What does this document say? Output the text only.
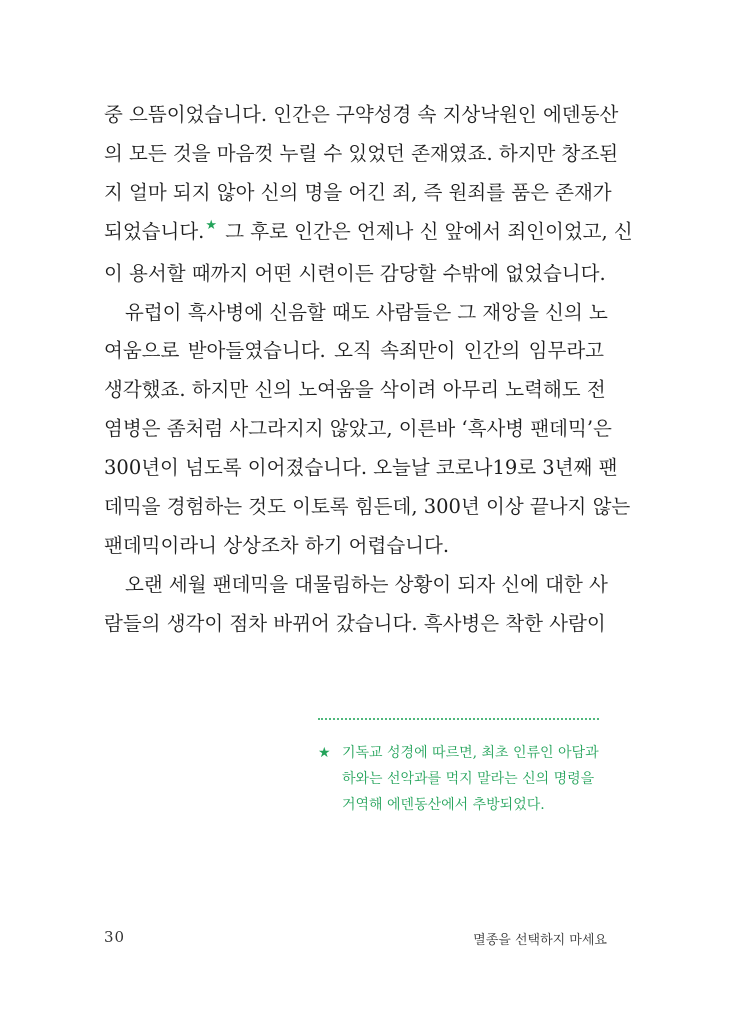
중 으뜸이었습니다. 인간은 구약성경 속 지상낙원인 에덴동산
의 모든 것을 마음껏 누릴 수 있었던 존재였죠. 하지만 창조된
지 얼마 되지 않아 신의 명을 어긴 죄, 즉 원죄를 품은 존재가
되었습니다.★ 그 후로 인간은 언제나 신 앞에서 죄인이었고, 신
이 용서할 때까지 어떤 시련이든 감당할 수밖에 없었습니다.
유럽이 흑사병에 신음할 때도 사람들은 그 재앙을 신의 노
여움으로 받아들였습니다. 오직 속죄만이 인간의 임무라고
생각했죠. 하지만 신의 노여움을 삭이려 아무리 노력해도 전
염병은 좀처럼 사그라지지 않았고, 이른바 ‘흑사병 팬데믹’은
300년이 넘도록 이어졌습니다. 오늘날 코로나19로 3년째 팬
데믹을 경험하는 것도 이토록 힘든데, 300년 이상 끝나지 않는
팬데믹이라니 상상조차 하기 어렵습니다.
오랜 세월 팬데믹을 대물림하는 상황이 되자 신에 대한 사
람들의 생각이 점차 바뀌어 갔습니다. 흑사병은 착한 사람이
★ 기독교 성경에 따르면, 최초 인류인 아담과
하와는 선악과를 먹지 말라는 신의 명령을
거역해 에덴동산에서 추방되었다.
30	멸종을 선택하지 마세요
